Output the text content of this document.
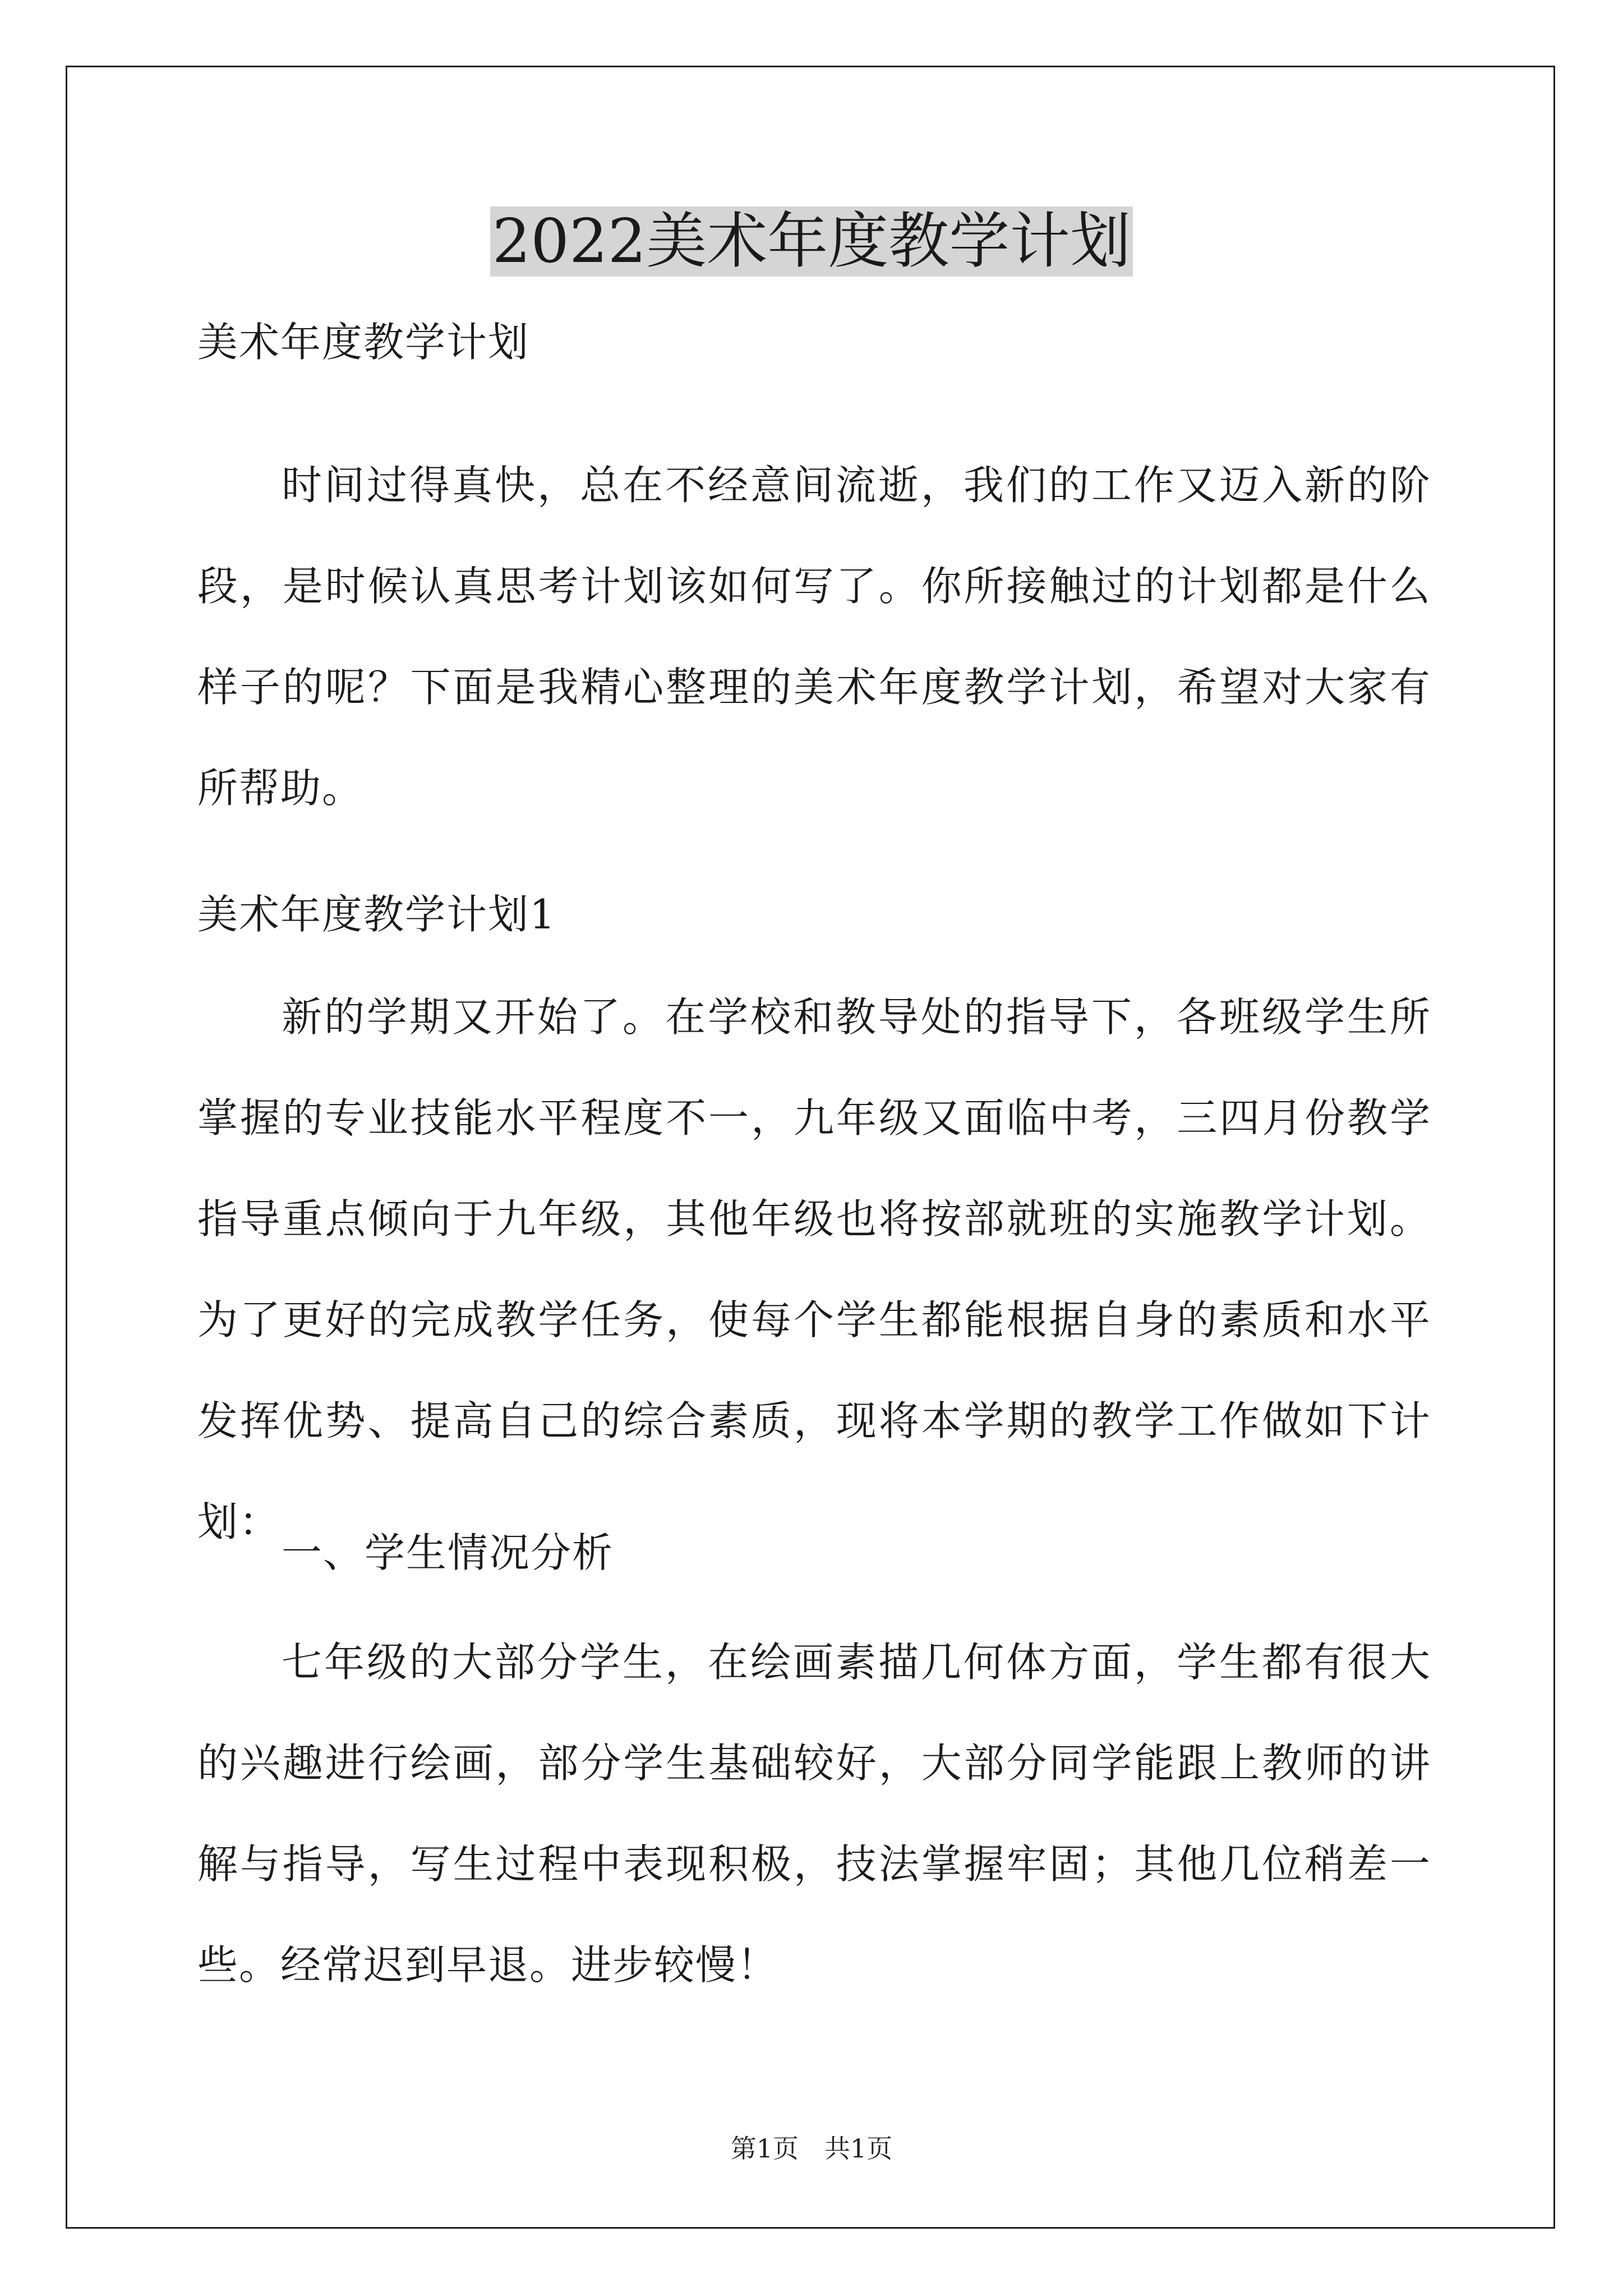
2022美术年度教学计划

美术年度教学计划

时间过得真快，总在不经意间流逝，我们的工作又迈入新的阶段，是时候认真思考计划该如何写了。你所接触过的计划都是什么样子的呢？下面是我精心整理的美术年度教学计划，希望对大家有所帮助。

美术年度教学计划1

新的学期又开始了。在学校和教导处的指导下，各班级学生所掌握的专业技能水平程度不一，九年级又面临中考，三四月份教学指导重点倾向于九年级，其他年级也将按部就班的实施教学计划。为了更好的完成教学任务，使每个学生都能根据自身的素质和水平发挥优势、提高自己的综合素质，现将本学期的教学工作做如下计划：

一、学生情况分析

七年级的大部分学生，在绘画素描几何体方面，学生都有很大的兴趣进行绘画，部分学生基础较好，大部分同学能跟上教师的讲解与指导，写生过程中表现积极，技法掌握牢固；其他几位稍差一些。经常迟到早退。进步较慢！

第1页　共1页
